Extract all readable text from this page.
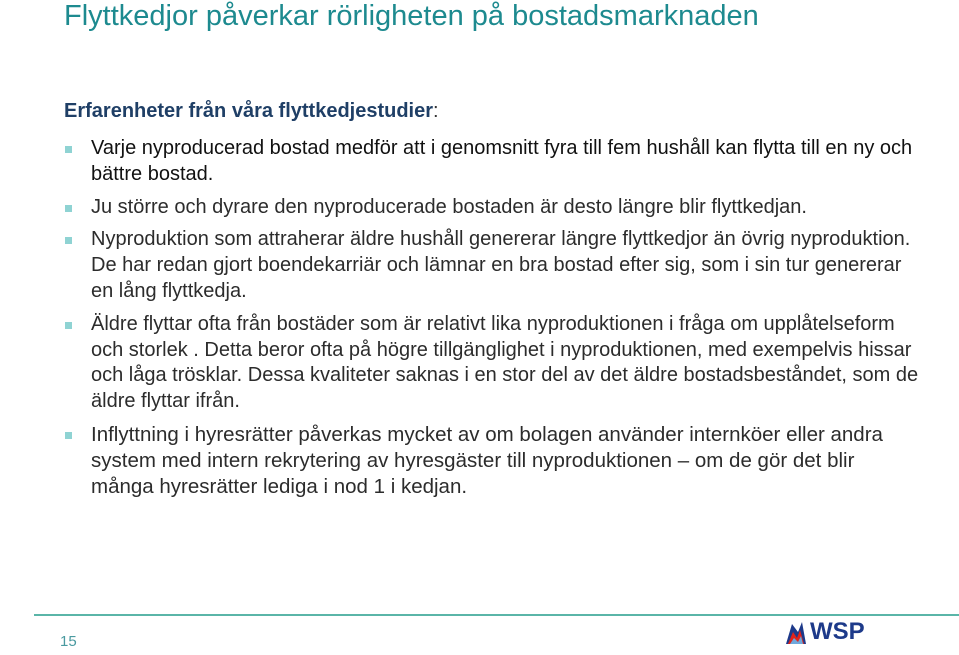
Flyttkedjor påverkar rörligheten på bostadsmarknaden
Erfarenheter från våra flyttkedjestudier:
Varje nyproducerad bostad medför att i genomsnitt fyra till fem hushåll kan flytta till en ny och bättre bostad.
Ju större och dyrare den nyproducerade bostaden är desto längre blir flyttkedjan.
Nyproduktion som attraherar äldre hushåll genererar längre flyttkedjor än övrig nyproduktion. De har redan gjort boendekarriär och lämnar en bra bostad efter sig, som i sin tur genererar en lång flyttkedja.
Äldre flyttar ofta från bostäder som är relativt lika nyproduktionen i fråga om upplåtelseform och storlek . Detta beror ofta på högre tillgänglighet i nyproduktionen, med exempelvis hissar och låga trösklar. Dessa kvaliteter saknas i en stor del av det äldre bostadsbeståndet, som de äldre flyttar ifrån.
Inflyttning i hyresrätter påverkas mycket av om bolagen använder internköer eller andra system med intern rekrytering av hyresgäster till nyproduktionen – om de gör det blir många hyresrätter lediga i nod 1 i kedjan.
15	WSP
